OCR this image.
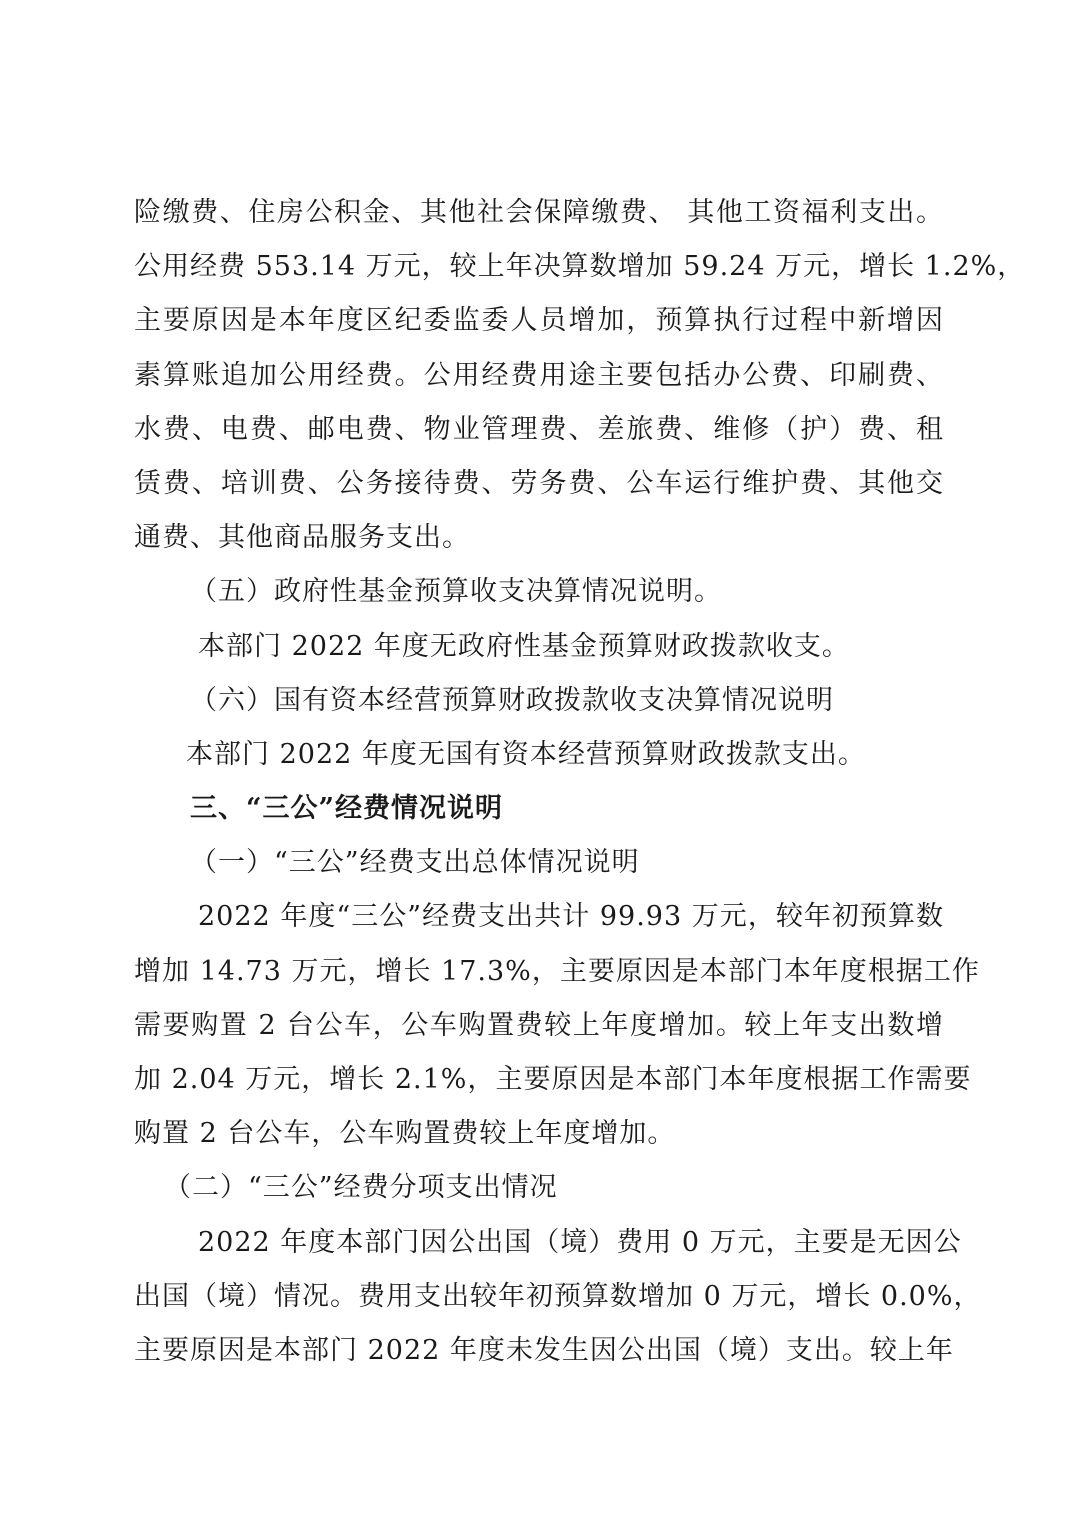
险缴费、住房公积金、其他社会保障缴费、 其他工资福利支出。
公用经费 553.14 万元，较上年决算数增加 59.24 万元，增长 1.2%，
主要原因是本年度区纪委监委人员增加，预算执行过程中新增因
素算账追加公用经费。公用经费用途主要包括办公费、印刷费、
水费、电费、邮电费、物业管理费、差旅费、维修（护）费、租
赁费、培训费、公务接待费、劳务费、公车运行维护费、其他交
通费、其他商品服务支出。
（五）政府性基金预算收支决算情况说明。
本部门 2022 年度无政府性基金预算财政拨款收支。
（六）国有资本经营预算财政拨款收支决算情况说明
本部门 2022 年度无国有资本经营预算财政拨款支出。
三、“三公”经费情况说明
（一）“三公”经费支出总体情况说明
2022 年度“三公”经费支出共计 99.93 万元，较年初预算数
增加 14.73 万元，增长 17.3%，主要原因是本部门本年度根据工作
需要购置 2 台公车，公车购置费较上年度增加。较上年支出数增
加 2.04 万元，增长 2.1%，主要原因是本部门本年度根据工作需要
购置 2 台公车，公车购置费较上年度增加。
（二）“三公”经费分项支出情况
2022 年度本部门因公出国（境）费用 0 万元，主要是无因公
出国（境）情况。费用支出较年初预算数增加 0 万元，增长 0.0%，
主要原因是本部门 2022 年度未发生因公出国（境）支出。较上年
